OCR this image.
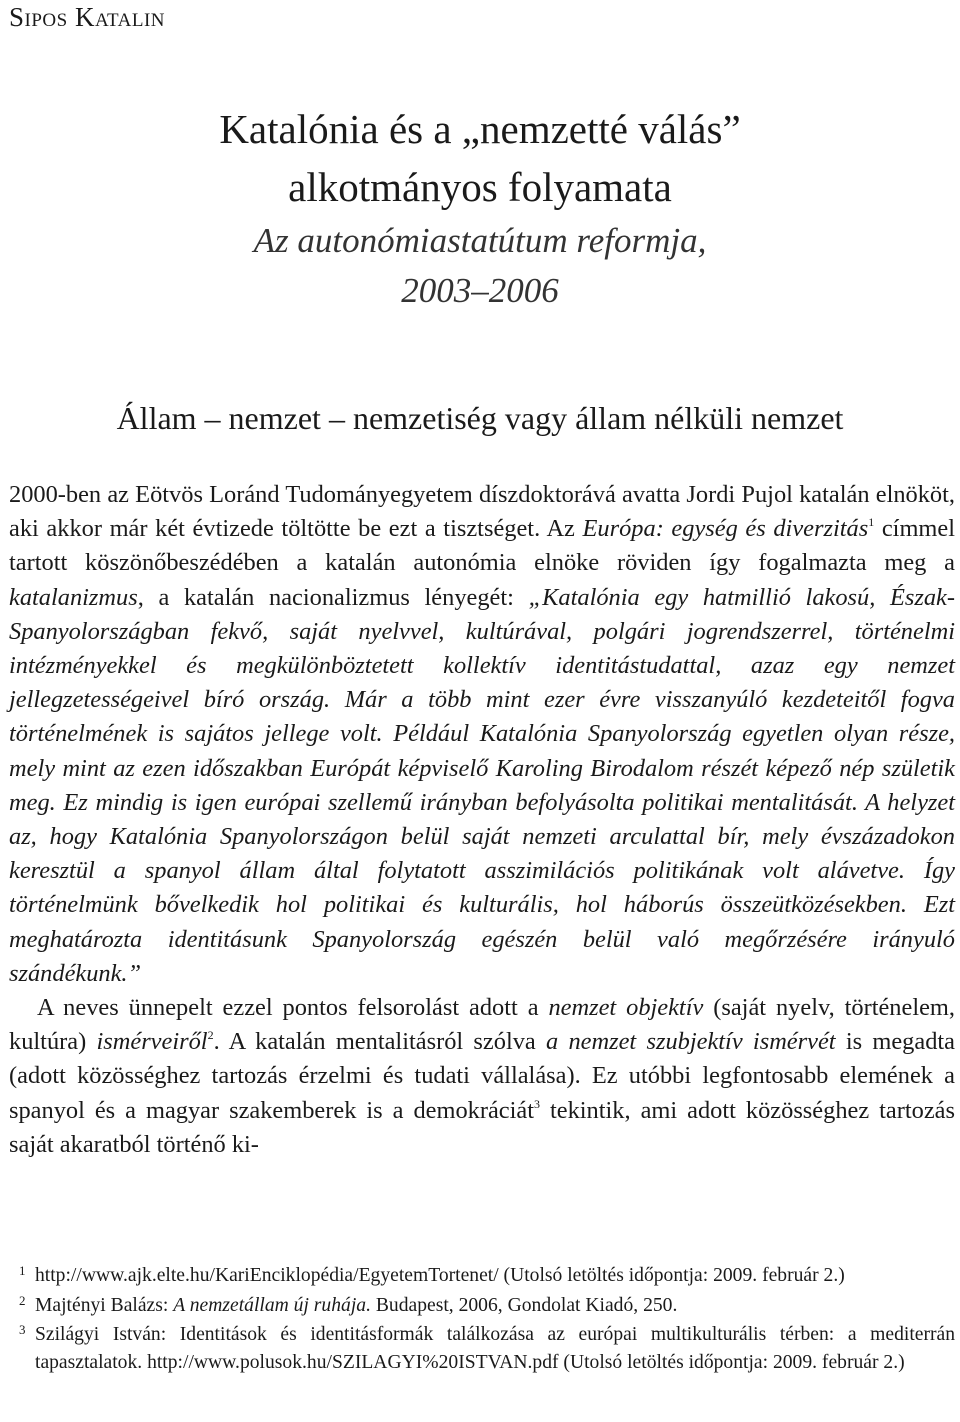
Sipos Katalin
Katalónia és a „nemzetté válás”
alkotmányos folyamata
Az autonómiastatútum reformja,
2003–2006
Állam – nemzet – nemzetiség vagy állam nélküli nemzet

2000-ben az Eötvös Loránd Tudományegyetem díszdoktorává avatta Jordi Pujol katalán elnököt, aki akkor már két évtizede töltötte be ezt a tisztséget. Az Európa: egység és diverzitás$^1$ címmel tartott köszönőbeszédében a katalán autonómia elnöke röviden így fogalmazta meg a katalanizmus, a katalán nacionalizmus lényegét: „Katalónia egy hatmillió lakosú, Észak-Spanyolországban fekvő, saját nyelvvel, kultúrával, polgári jogrendszerrel, történelmi intézményekkel és megkülönböztetett kollektív identitástudattal, azaz egy nemzet jellegzetességeivel bíró ország. Már a több mint ezer évre visszanyúló kezdeteitől fogva történelmének is sajátos jellege volt. Például Katalónia Spanyolország egyetlen olyan része, mely mint az ezen időszakban Európát képviselő Karoling Birodalom részét képező nép születik meg. Ez mindig is igen európai szellemű irányban befolyásolta politikai mentalitását. A helyzet az, hogy Katalónia Spanyolországon belül saját nemzeti arculattal bír, mely évszázadokon keresztül a spanyol állam által folytatott asszimilációs politikának volt alávetve. Így történelmünk bővelkedik hol politikai és kulturális, hol háborús összeütközésekben. Ezt meghatározta identitásunk Spanyolország egészén belül való megőrzésére irányuló szándékunk.”

A neves ünnepelt ezzel pontos felsorolást adott a nemzet objektív (saját nyelv, történelem, kultúra) ismérveiről$^2$. A katalán mentalitásról szólva a nemzet szubjektív ismérvét is megadta (adott közösséghez tartozás érzelmi és tudati vállalása). Ez utóbbi legfontosabb elemének a spanyol és a magyar szakemberek is a demokráciát$^3$ tekintik, ami adott közösséghez tartozás saját akaratból történő ki-

1 http://www.ajk.elte.hu/KariEnciklopédia/EgyetemTortenet/ (Utolsó letöltés időpontja: 2009. február 2.)
2 Majtényi Balázs: A nemzetállam új ruhája. Budapest, 2006, Gondolat Kiadó, 250.
3 Szilágyi István: Identitások és identitásformák találkozása az európai multikulturális térben: a mediterrán tapasztalatok. http://www.polusok.hu/SZILAGYI%20ISTVAN.pdf (Utolsó letöltés időpontja: 2009. február 2.)
